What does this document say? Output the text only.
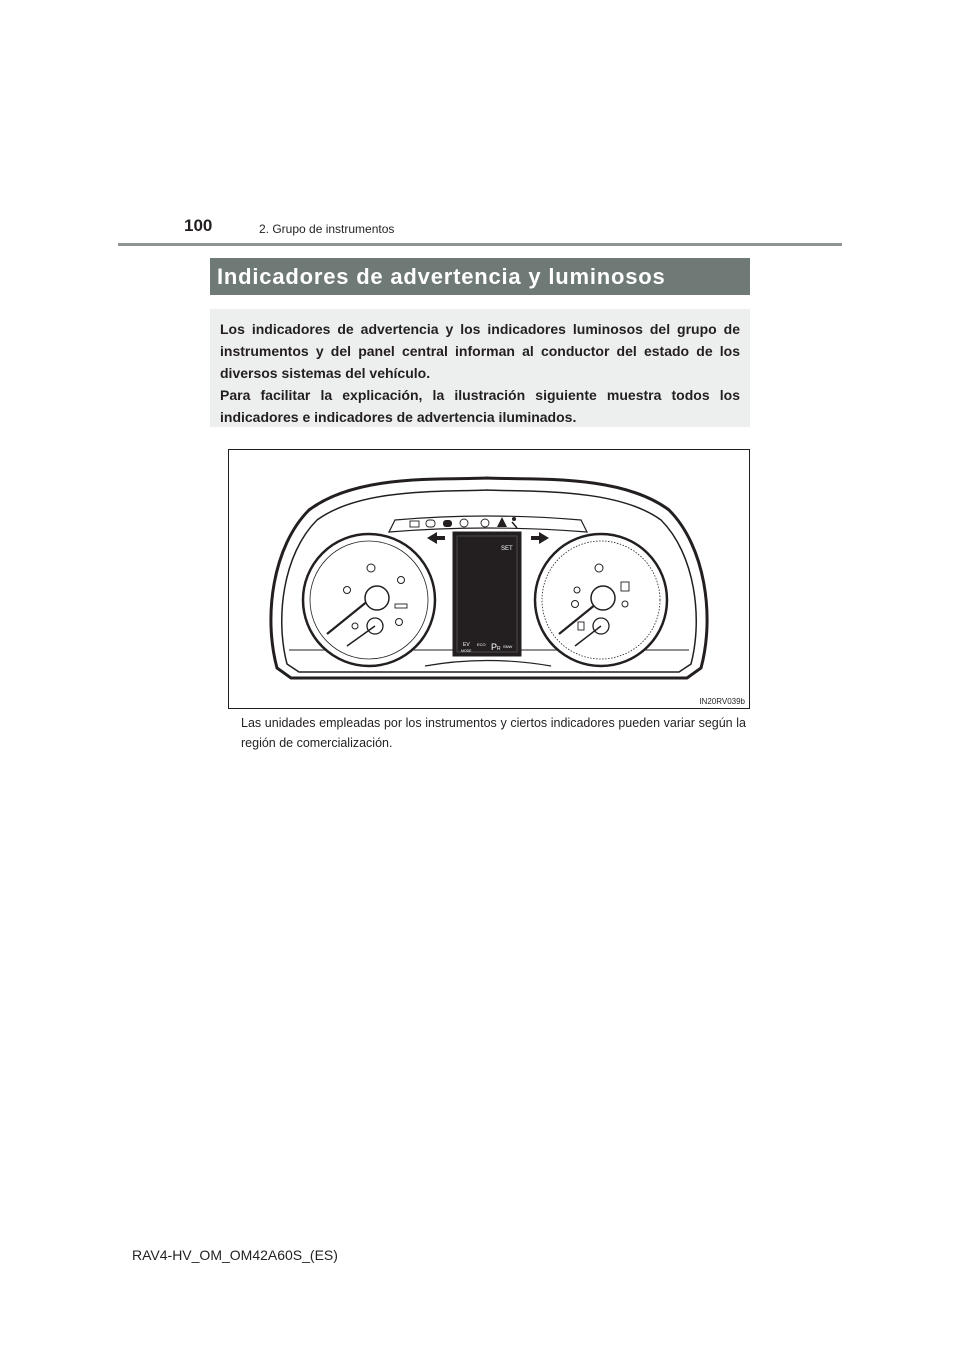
100	2. Grupo de instrumentos
Indicadores de advertencia y luminosos

Los indicadores de advertencia y los indicadores luminosos del grupo de instrumentos y del panel central informan al conductor del estado de los diversos sistemas del vehículo.

Para facilitar la explicación, la ilustración siguiente muestra todos los indicadores e indicadores de advertencia iluminados.

SET
EV
MODE
ECO P R SNW
IN20RV039b
Las unidades empleadas por los instrumentos y ciertos indicadores pueden variar según la región de comercialización.
RAV4-HV_OM_OM42A60S_(ES)
